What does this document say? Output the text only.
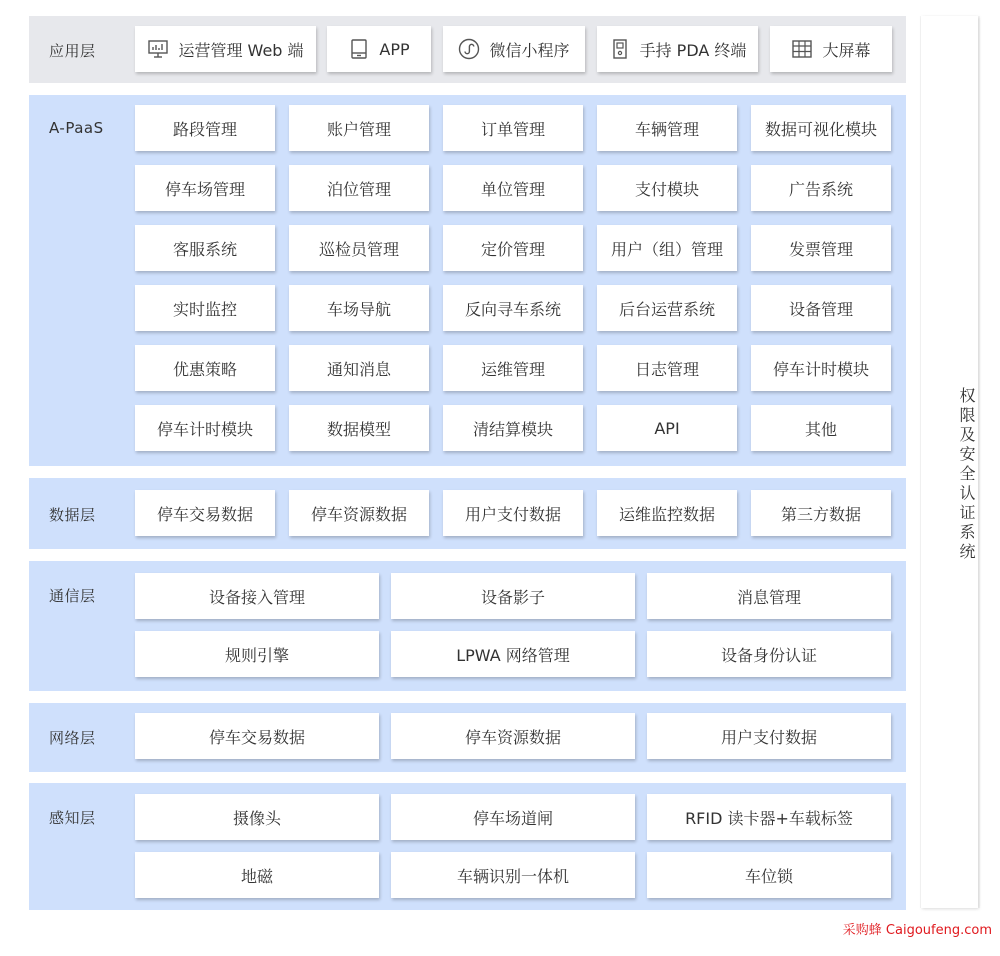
应用层	运营管理 Web 端	APP	微信小程序	手持 PDA 终端	大屏幕
A-PaaS	路段管理	账户管理	订单管理	车辆管理	数据可视化模块
停车场管理	泊位管理	单位管理	支付模块	广告系统
客服系统	巡检员管理	定价管理	用户（组）管理	发票管理
实时监控	车场导航	反向寻车系统	后台运营系统	设备管理
优惠策略	通知消息	运维管理	日志管理	停车计时模块
停车计时模块	数据模型	清结算模块	API	其他
数据层	停车交易数据	停车资源数据	用户支付数据	运维监控数据	第三方数据
通信层	设备接入管理	设备影子	消息管理
规则引擎	LPWA 网络管理	设备身份认证
网络层	停车交易数据	停车资源数据	用户支付数据
感知层	摄像头	停车场道闸	RFID 读卡器+车载标签
地磁	车辆识别一体机	车位锁
权限及安全认证系统
采购蜂 Caigoufeng.com
